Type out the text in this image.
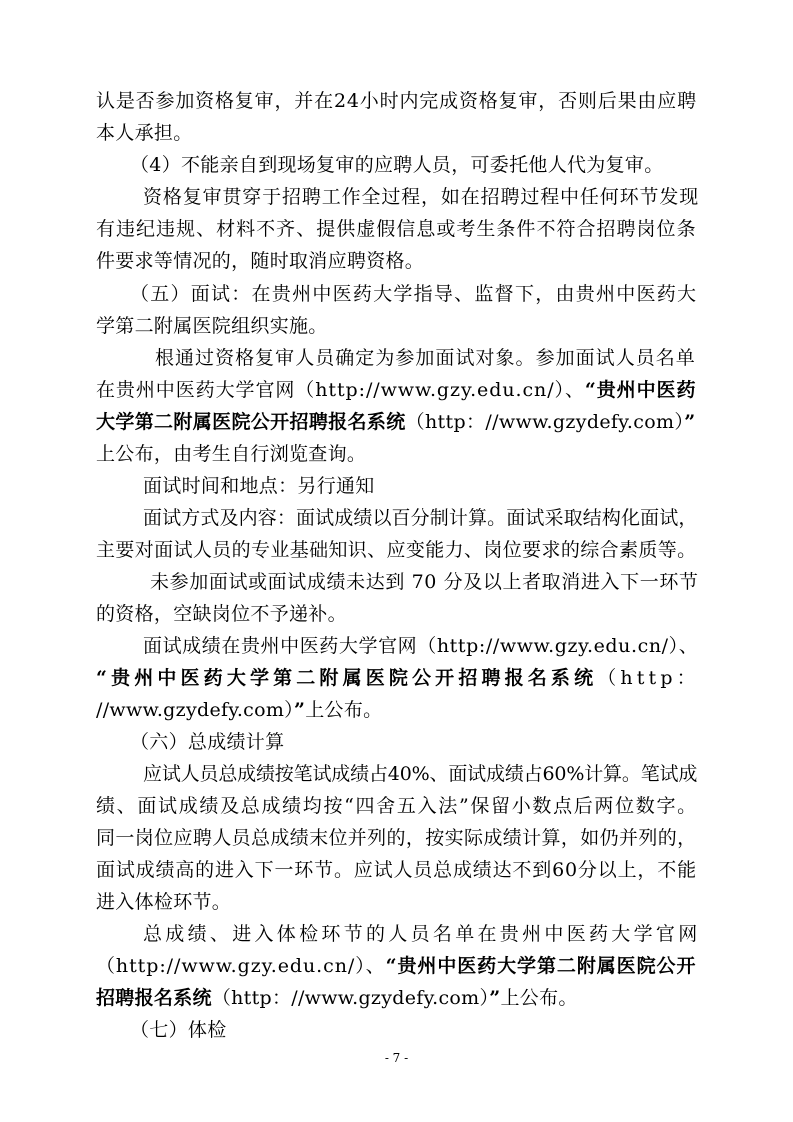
认是否参加资格复审，并在24小时内完成资格复审，否则后果由应聘
本人承担。
（4）不能亲自到现场复审的应聘人员，可委托他人代为复审。
资格复审贯穿于招聘工作全过程，如在招聘过程中任何环节发现
有违纪违规、材料不齐、提供虚假信息或考生条件不符合招聘岗位条
件要求等情况的，随时取消应聘资格。
（五）面试：在贵州中医药大学指导、监督下，由贵州中医药大
学第二附属医院组织实施。
根通过资格复审人员确定为参加面试对象。参加面试人员名单
在贵州中医药大学官网（http://www.gzy.edu.cn/）、“贵州中医药
大学第二附属医院公开招聘报名系统（http：//www.gzydefy.com）”
上公布，由考生自行浏览查询。
面试时间和地点：另行通知
面试方式及内容：面试成绩以百分制计算。面试采取结构化面试，
主要对面试人员的专业基础知识、应变能力、岗位要求的综合素质等。
未参加面试或面试成绩未达到 70 分及以上者取消进入下一环节
的资格，空缺岗位不予递补。
面试成绩在贵州中医药大学官网（http://www.gzy.edu.cn/）、
“贵州中医药大学第二附属医院公开招聘报名系统（http：
//www.gzydefy.com）”上公布。
（六）总成绩计算
应试人员总成绩按笔试成绩占40%、面试成绩占60%计算。笔试成
绩、面试成绩及总成绩均按“四舍五入法”保留小数点后两位数字。
同一岗位应聘人员总成绩末位并列的，按实际成绩计算，如仍并列的，
面试成绩高的进入下一环节。应试人员总成绩达不到60分以上，不能
进入体检环节。
总成绩、进入体检环节的人员名单在贵州中医药大学官网
（http://www.gzy.edu.cn/）、“贵州中医药大学第二附属医院公开
招聘报名系统（http：//www.gzydefy.com）”上公布。
（七）体检
- 7 -
